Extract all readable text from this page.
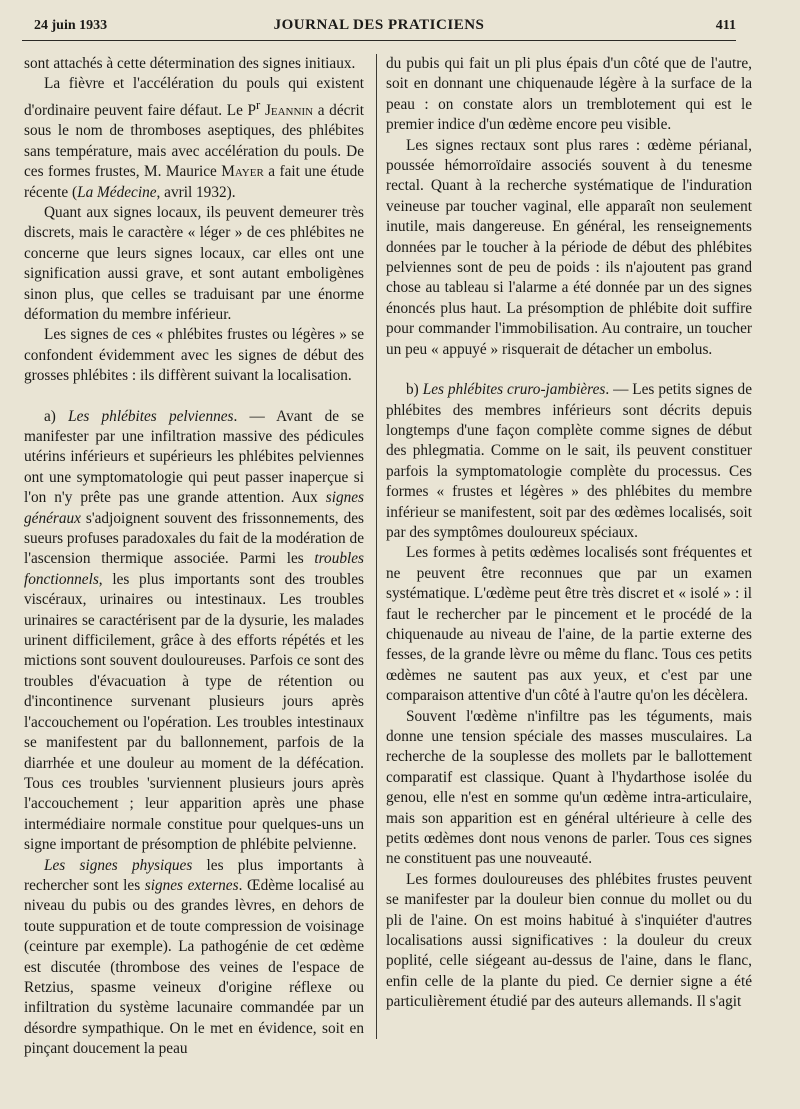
24 juin 1933	JOURNAL DES PRATICIENS	411

sont attachés à cette détermination des signes initiaux.

La fièvre et l'accélération du pouls qui existent d'ordinaire peuvent faire défaut. Le $P^r$ Jeannin a décrit sous le nom de thromboses aseptiques, des phlébites sans température, mais avec accélération du pouls. De ces formes frustes, M. Maurice Mayer a fait une étude récente (La Médecine, avril 1932).

Quant aux signes locaux, ils peuvent demeurer très discrets, mais le caractère « léger » de ces phlébites ne concerne que leurs signes locaux, car elles ont une signification aussi grave, et sont autant emboligènes sinon plus, que celles se traduisant par une énorme déformation du membre inférieur.

Les signes de ces « phlébites frustes ou légères » se confondent évidemment avec les signes de début des grosses phlébites : ils diffèrent suivant la localisation.

a) Les phlébites pelviennes. — Avant de se manifester par une infiltration massive des pédicules utérins inférieurs et supérieurs les phlébites pelviennes ont une symptomatologie qui peut passer inaperçue si l'on n'y prête pas une grande attention. Aux signes généraux s'adjoignent souvent des frissonnements, des sueurs profuses paradoxales du fait de la modération de l'ascension thermique associée. Parmi les troubles fonctionnels, les plus importants sont des troubles viscéraux, urinaires ou intestinaux. Les troubles urinaires se caractérisent par de la dysurie, les malades urinent difficilement, grâce à des efforts répétés et les mictions sont souvent douloureuses. Parfois ce sont des troubles d'évacuation à type de rétention ou d'incontinence survenant plusieurs jours après l'accouchement ou l'opération. Les troubles intestinaux se manifestent par du ballonnement, parfois de la diarrhée et une douleur au moment de la défécation. Tous ces troubles 'surviennent plusieurs jours après l'accouchement ; leur apparition après une phase intermédiaire normale constitue pour quelques-uns un signe important de présomption de phlébite pelvienne.

Les signes physiques les plus importants à rechercher sont les signes externes. Œdème localisé au niveau du pubis ou des grandes lèvres, en dehors de toute suppuration et de toute compression de voisinage (ceinture par exemple). La pathogénie de cet œdème est discutée (thrombose des veines de l'espace de Retzius, spasme veineux d'origine réflexe ou infiltration du système lacunaire commandée par un désordre sympathique. On le met en évidence, soit en pinçant doucement la peau

du pubis qui fait un pli plus épais d'un côté que de l'autre, soit en donnant une chiquenaude légère à la surface de la peau : on constate alors un tremblotement qui est le premier indice d'un œdème encore peu visible.

Les signes rectaux sont plus rares : œdème périanal, poussée hémorroïdaire associés souvent à du tenesme rectal. Quant à la recherche systématique de l'induration veineuse par toucher vaginal, elle apparaît non seulement inutile, mais dangereuse. En général, les renseignements données par le toucher à la période de début des phlébites pelviennes sont de peu de poids : ils n'ajoutent pas grand chose au tableau si l'alarme a été donnée par un des signes énoncés plus haut. La présomption de phlébite doit suffire pour commander l'immobilisation. Au contraire, un toucher un peu « appuyé » risquerait de détacher un embolus.

b) Les phlébites cruro-jambières. — Les petits signes de phlébites des membres inférieurs sont décrits depuis longtemps d'une façon complète comme signes de début des phlegmatia. Comme on le sait, ils peuvent constituer parfois la symptomatologie complète du processus. Ces formes « frustes et légères » des phlébites du membre inférieur se manifestent, soit par des œdèmes localisés, soit par des symptômes douloureux spéciaux.

Les formes à petits œdèmes localisés sont fréquentes et ne peuvent être reconnues que par un examen systématique. L'œdème peut être très discret et « isolé » : il faut le rechercher par le pincement et le procédé de la chiquenaude au niveau de l'aine, de la partie externe des fesses, de la grande lèvre ou même du flanc. Tous ces petits œdèmes ne sautent pas aux yeux, et c'est par une comparaison attentive d'un côté à l'autre qu'on les décèlera.

Souvent l'œdème n'infiltre pas les téguments, mais donne une tension spéciale des masses musculaires. La recherche de la souplesse des mollets par le ballottement comparatif est classique. Quant à l'hydarthose isolée du genou, elle n'est en somme qu'un œdème intra-articulaire, mais son apparition est en général ultérieure à celle des petits œdèmes dont nous venons de parler. Tous ces signes ne constituent pas une nouveauté.

Les formes douloureuses des phlébites frustes peuvent se manifester par la douleur bien connue du mollet ou du pli de l'aine. On est moins habitué à s'inquiéter d'autres localisations aussi significatives : la douleur du creux poplité, celle siégeant au-dessus de l'aine, dans le flanc, enfin celle de la plante du pied. Ce dernier signe a été particulièrement étudié par des auteurs allemands. Il s'agit
